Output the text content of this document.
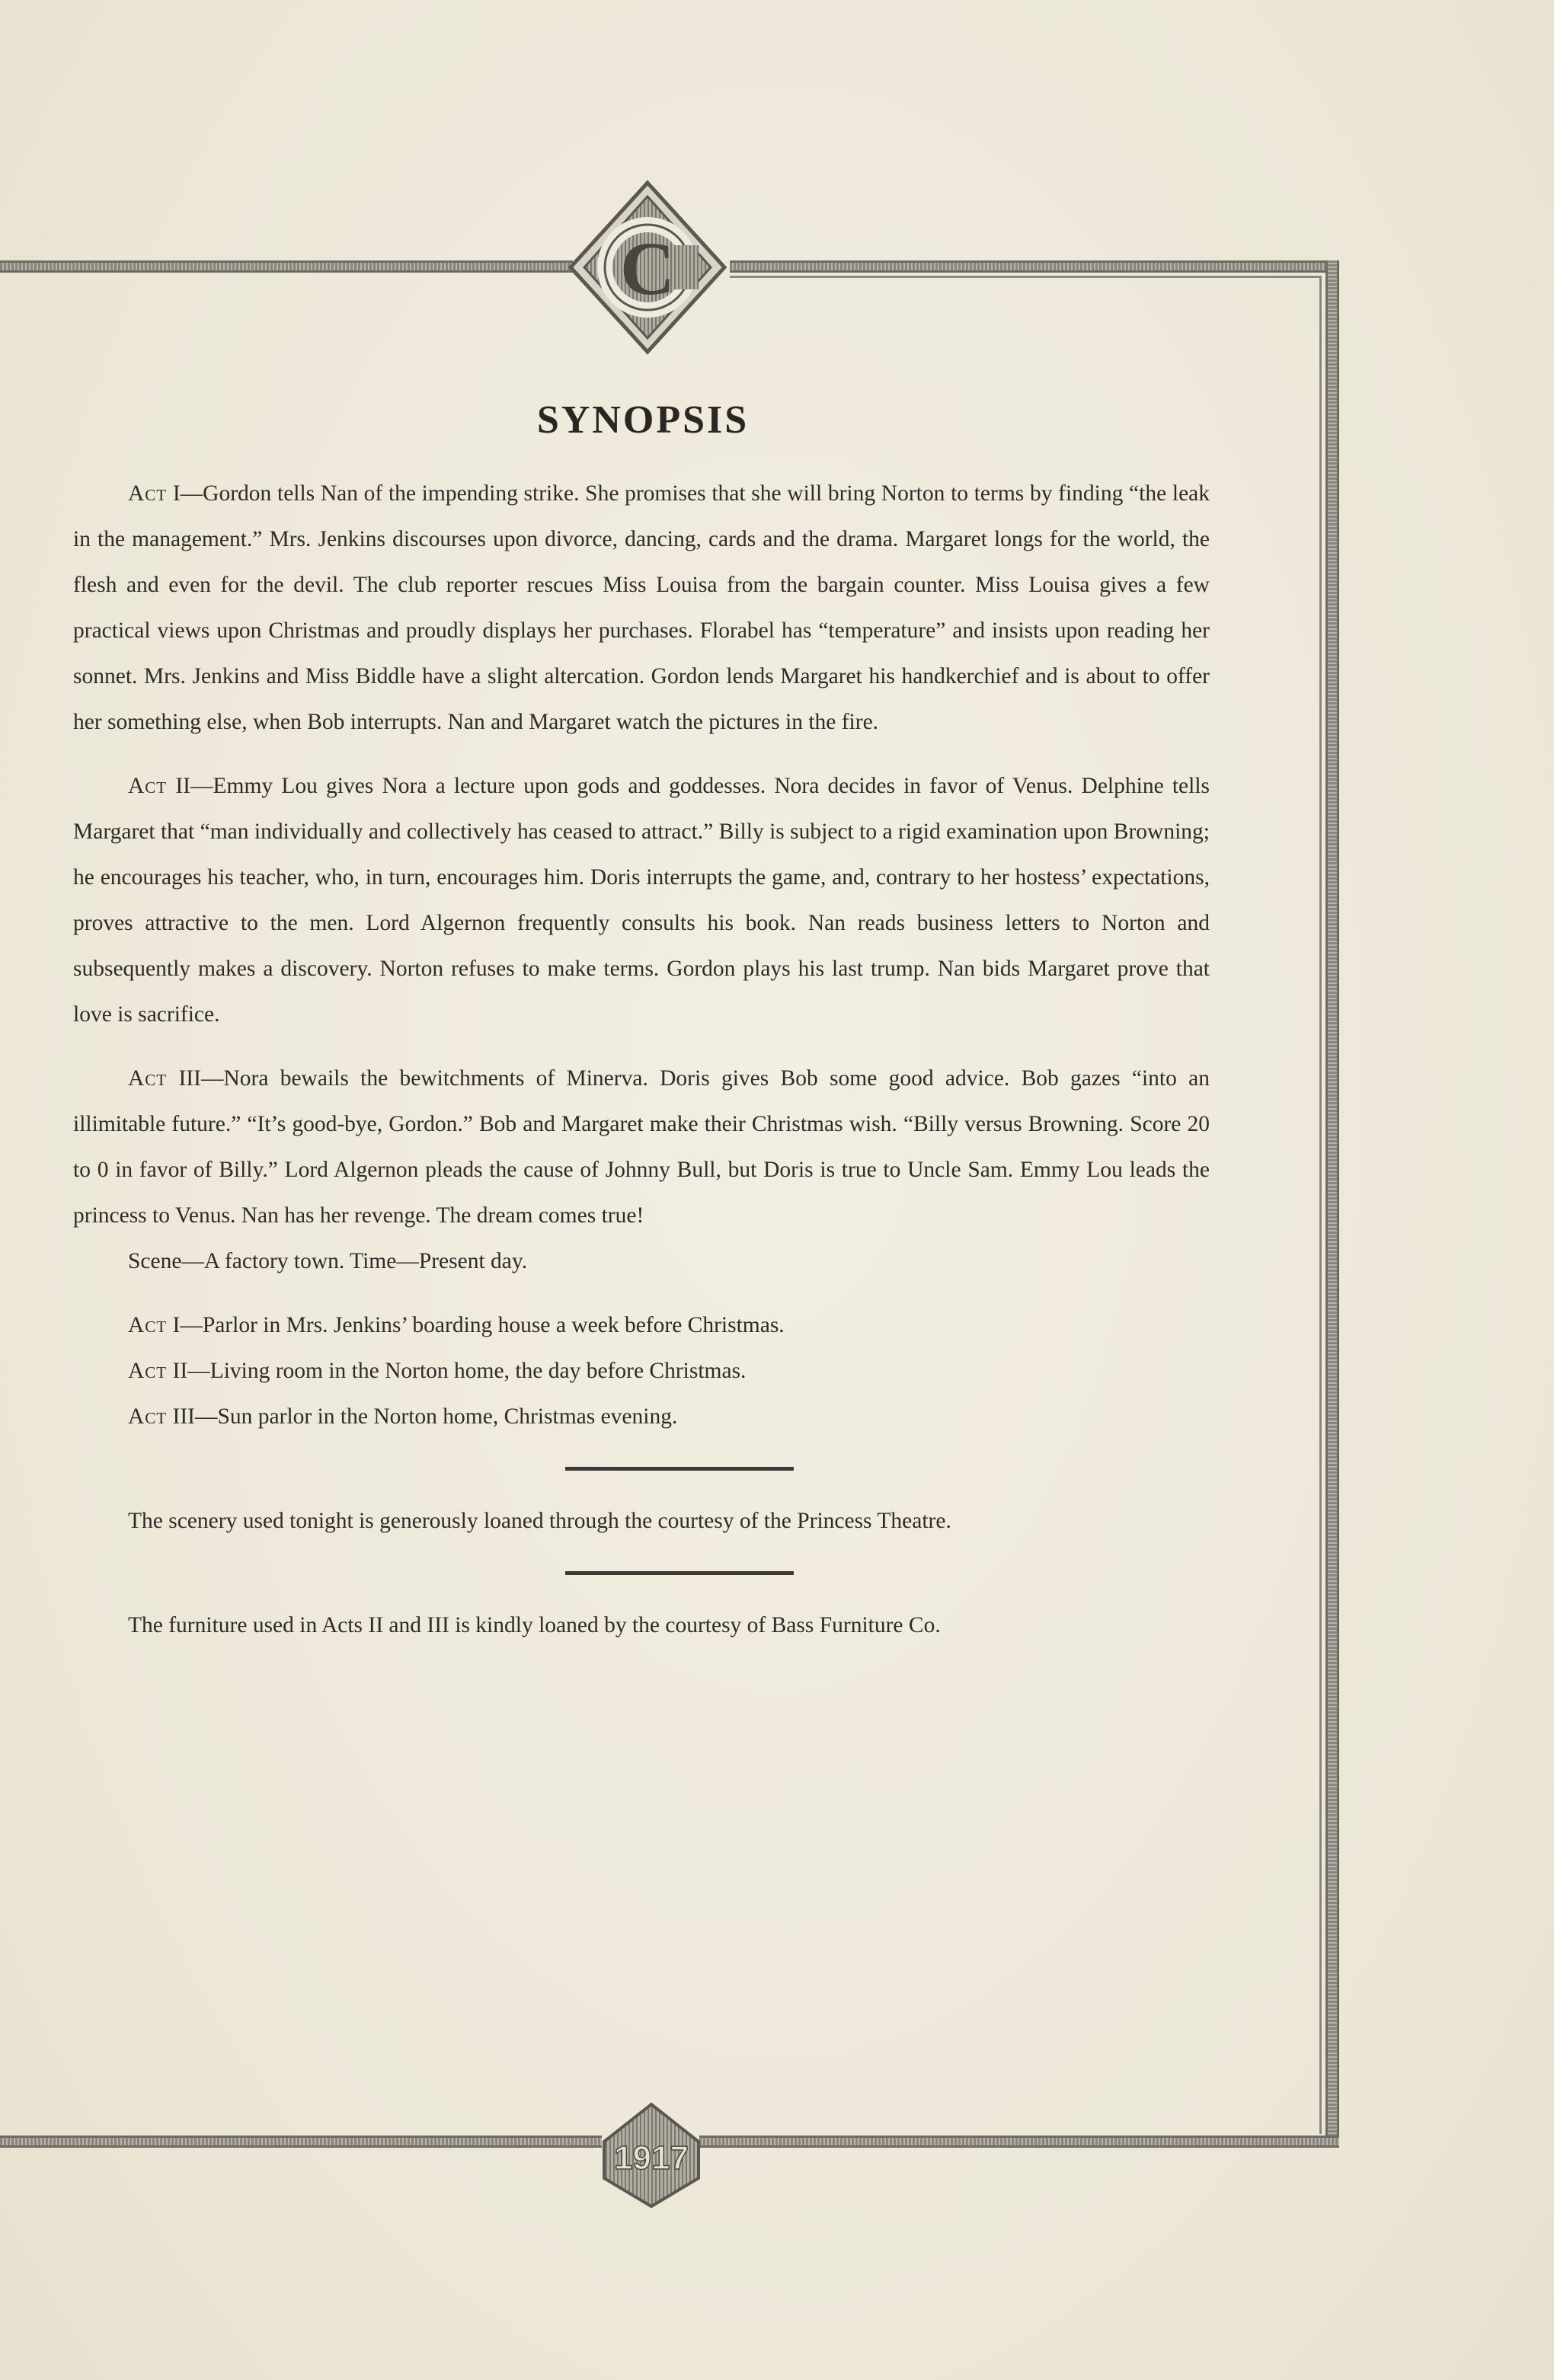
C
1917
SYNOPSIS

Act I—Gordon tells Nan of the impending strike. She promises that she will bring Norton to terms by finding “the leak in the management.” Mrs. Jenkins discourses upon divorce, dancing, cards and the drama. Margaret longs for the world, the flesh and even for the devil. The club reporter rescues Miss Louisa from the bargain counter. Miss Louisa gives a few practical views upon Christmas and proudly displays her purchases. Florabel has “temperature” and insists upon reading her sonnet. Mrs. Jenkins and Miss Biddle have a slight altercation. Gordon lends Margaret his handkerchief and is about to offer her something else, when Bob interrupts. Nan and Margaret watch the pictures in the fire.

Act II—Emmy Lou gives Nora a lecture upon gods and goddesses. Nora decides in favor of Venus. Delphine tells Margaret that “man individually and collectively has ceased to attract.” Billy is subject to a rigid examination upon Browning; he encourages his teacher, who, in turn, encourages him. Doris interrupts the game, and, contrary to her hostess’ expectations, proves attractive to the men. Lord Algernon frequently consults his book. Nan reads business letters to Norton and subsequently makes a discovery. Norton refuses to make terms. Gordon plays his last trump. Nan bids Margaret prove that love is sacrifice.

Act III—Nora bewails the bewitchments of Minerva. Doris gives Bob some good advice. Bob gazes “into an illimitable future.” “It’s good-bye, Gordon.” Bob and Margaret make their Christmas wish. “Billy versus Browning. Score 20 to 0 in favor of Billy.” Lord Algernon pleads the cause of Johnny Bull, but Doris is true to Uncle Sam. Emmy Lou leads the princess to Venus. Nan has her revenge. The dream comes true!

Scene—A factory town. Time—Present day.

Act I—Parlor in Mrs. Jenkins’ boarding house a week before Christmas.

Act II—Living room in the Norton home, the day before Christmas.

Act III—Sun parlor in the Norton home, Christmas evening.

The scenery used tonight is generously loaned through the courtesy of the Princess Theatre.

The furniture used in Acts II and III is kindly loaned by the courtesy of Bass Furniture Co.
